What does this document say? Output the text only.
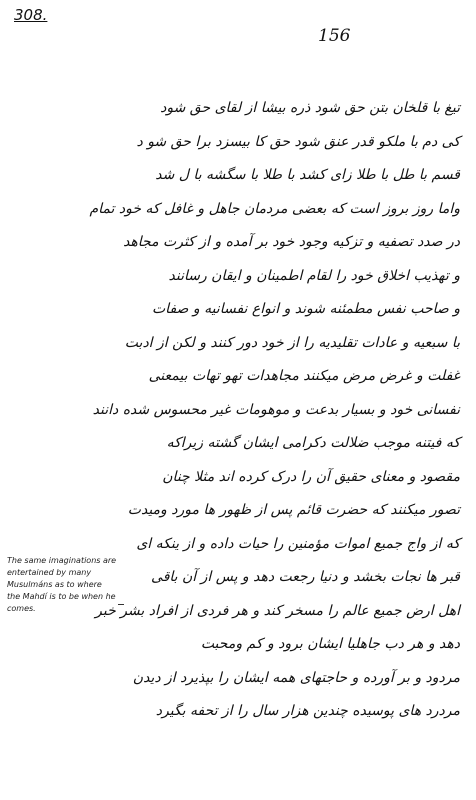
308.
156
The same imaginations are entertained by many Musulmáns as to where the Mahdí is to be when he comes.
تیغ با قلخان بتن حق شود ذره بیشا از لقای حق شود
کی دم با ملکو قدر عنق شود حق کا بیسزد برا حق شو د
قسم با طل با طلا زای کشد با طلا با سگشه با ل شد
واما روز بروز است که بعضی مردمان جاهل و غافل که خود تمام
در صدد تصفیه و تزکیه وجود خود بر آمده و از کثرت مجاهد
و تهذیب اخلاق خود را لقام اطمینان و ایقان رسانند
و صاحب نفس مطمئنه شوند و انواع نفسانیه و صفات
با سبعیه و عادات تقلیدیه را از خود دور کنند و لکن از ادبت
غفلت و غرض مرض میکنند مجاهدات تهو تهات بیمعنی
نفسانی خود و بسیار بدعت و موهومات غیر محسوس شده دانند
که فیتنه موجب ضلالت دکرامی ایشان گشته زیراکه
مقصود و معنای حقیق آن را درک کرده اند مثلا چنان
تصور میکنند که حضرت قائم پس از ظهور ها مورد ومیدت
که از واج جمیع اموات مؤمنین را حیات داده و از ینکه ای
قبر ها نجات بخشد و دنیا رجعت دهد و پس از آن باقی
اهل ارض جمیع عالم را مسخر کند و هر فردی از افراد بشر خبر
دهد و هر دب جاهلیا ایشان برود و کم ومحبت
مردود و بر آورده و حاجتهای همه ایشان را بپذیرد از دیدن
مردرد های پوسیده چندین هزار سال را از تحفه بگیرد
